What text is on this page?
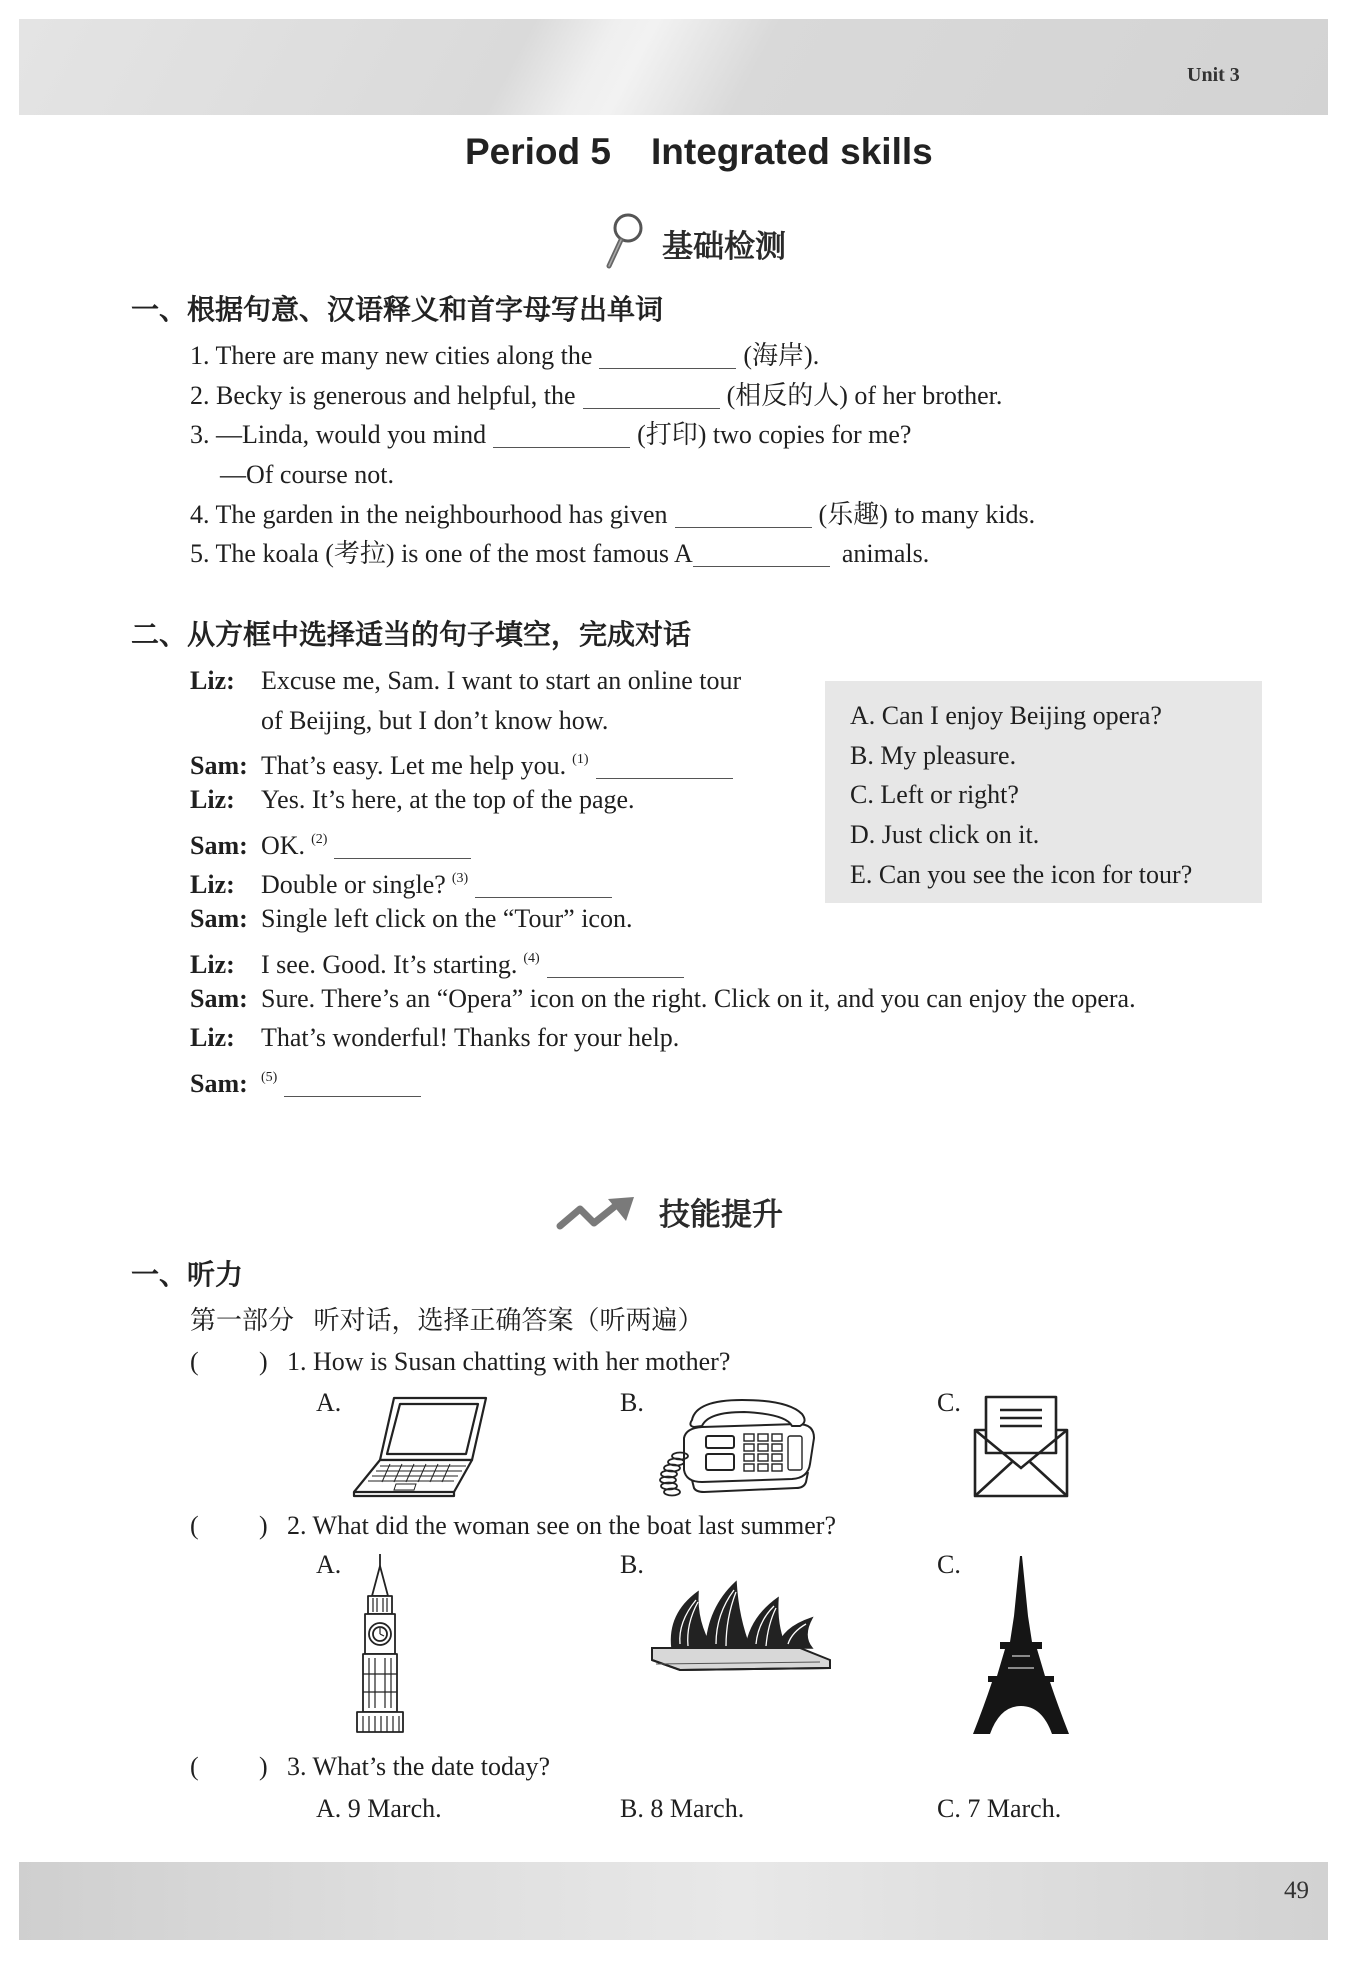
Unit 3
Period 5 Integrated skills
基础检测
一、根据句意、汉语释义和首字母写出单词
1. There are many new cities along the	(海岸).
2. Becky is generous and helpful, the	(相反的人) of her brother.
3. —Linda, would you mind	(打印) two copies for me?
—Of course not.
4. The garden in the neighbourhood has given	(乐趣) to many kids.
5. The koala (考拉) is one of the most famous A	animals.
二、从方框中选择适当的句子填空，完成对话
A. Can I enjoy Beijing opera?
B. My pleasure.
C. Left or right?
D. Just click on it.
E. Can you see the icon for tour?
Liz: Excuse me, Sam. I want to start an online tour
of Beijing, but I don’t know how.
Sam: That’s easy. Let me help you. $^{(1)}$
Liz: Yes. It’s here, at the top of the page.
Sam: OK. $^{(2)}$
Liz: Double or single? $^{(3)}$
Sam: Single left click on the “Tour” icon.
Liz: I see. Good. It’s starting. $^{(4)}$
Sam: Sure. There’s an “Opera” icon on the right. Click on it, and you can enjoy the opera.
Liz: That’s wonderful! Thanks for your help.
Sam: $^{(5)}$
技能提升
一、听力
第一部分   听对话，选择正确答案（听两遍）
( ) 1. How is Susan chatting with her mother?
A.	B.	C.
( ) 2. What did the woman see on the boat last summer?
A.	B.	C.
( ) 3. What’s the date today?
A. 9 March.	B. 8 March.	C. 7 March.
49
